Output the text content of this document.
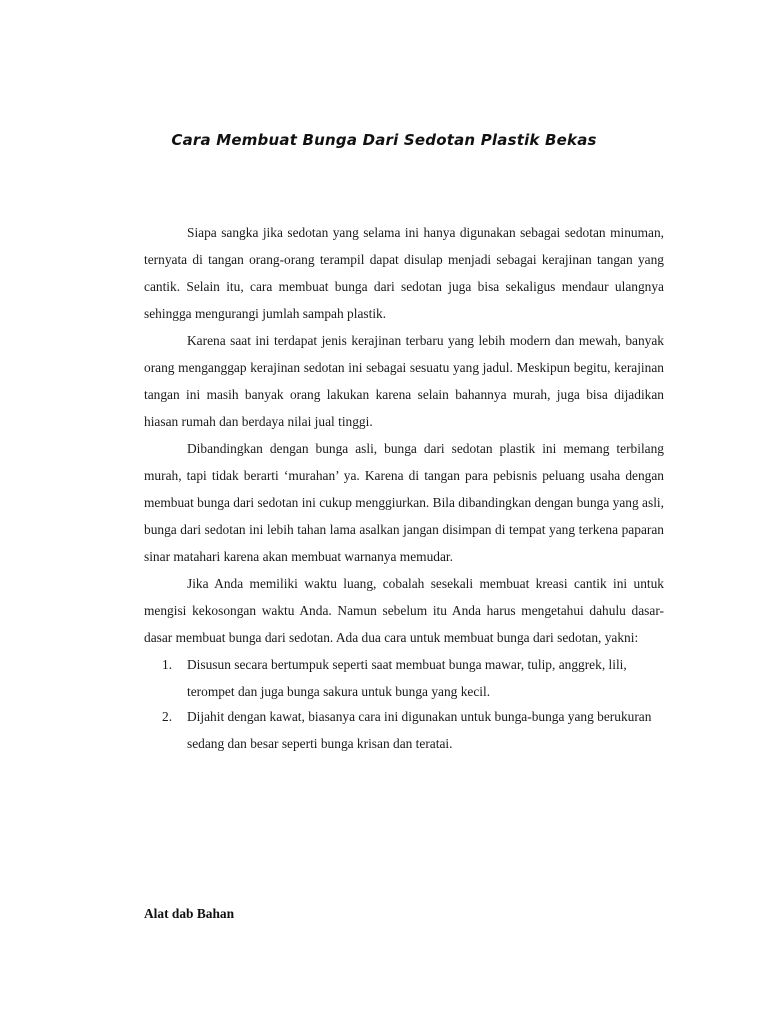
Cara Membuat Bunga Dari Sedotan Plastik Bekas

Siapa sangka jika sedotan yang selama ini hanya digunakan sebagai sedotan minuman, ternyata di tangan orang-orang terampil dapat disulap menjadi sebagai kerajinan tangan yang cantik. Selain itu, cara membuat bunga dari sedotan juga bisa sekaligus mendaur ulangnya sehingga mengurangi jumlah sampah plastik.

Karena saat ini terdapat jenis kerajinan terbaru yang lebih modern dan mewah, banyak orang menganggap kerajinan sedotan ini sebagai sesuatu yang jadul. Meskipun begitu, kerajinan tangan ini masih banyak orang lakukan karena selain bahannya murah, juga bisa dijadikan hiasan rumah dan berdaya nilai jual tinggi.

Dibandingkan dengan bunga asli, bunga dari sedotan plastik ini memang terbilang murah, tapi tidak berarti ‘murahan’ ya. Karena di tangan para pebisnis peluang usaha dengan membuat bunga dari sedotan ini cukup menggiurkan. Bila dibandingkan dengan bunga yang asli, bunga dari sedotan ini lebih tahan lama asalkan jangan disimpan di tempat yang terkena paparan sinar matahari karena akan membuat warnanya memudar.

Jika Anda memiliki waktu luang, cobalah sesekali membuat kreasi cantik ini untuk mengisi kekosongan waktu Anda. Namun sebelum itu Anda harus mengetahui dahulu dasar-dasar membuat bunga dari sedotan. Ada dua cara untuk membuat bunga dari sedotan, yakni:

1. Disusun secara bertumpuk seperti saat membuat bunga mawar, tulip, anggrek, lili, terompet dan juga bunga sakura untuk bunga yang kecil.
2. Dijahit dengan kawat, biasanya cara ini digunakan untuk bunga-bunga yang berukuran sedang dan besar seperti bunga krisan dan teratai.
Alat dab Bahan
